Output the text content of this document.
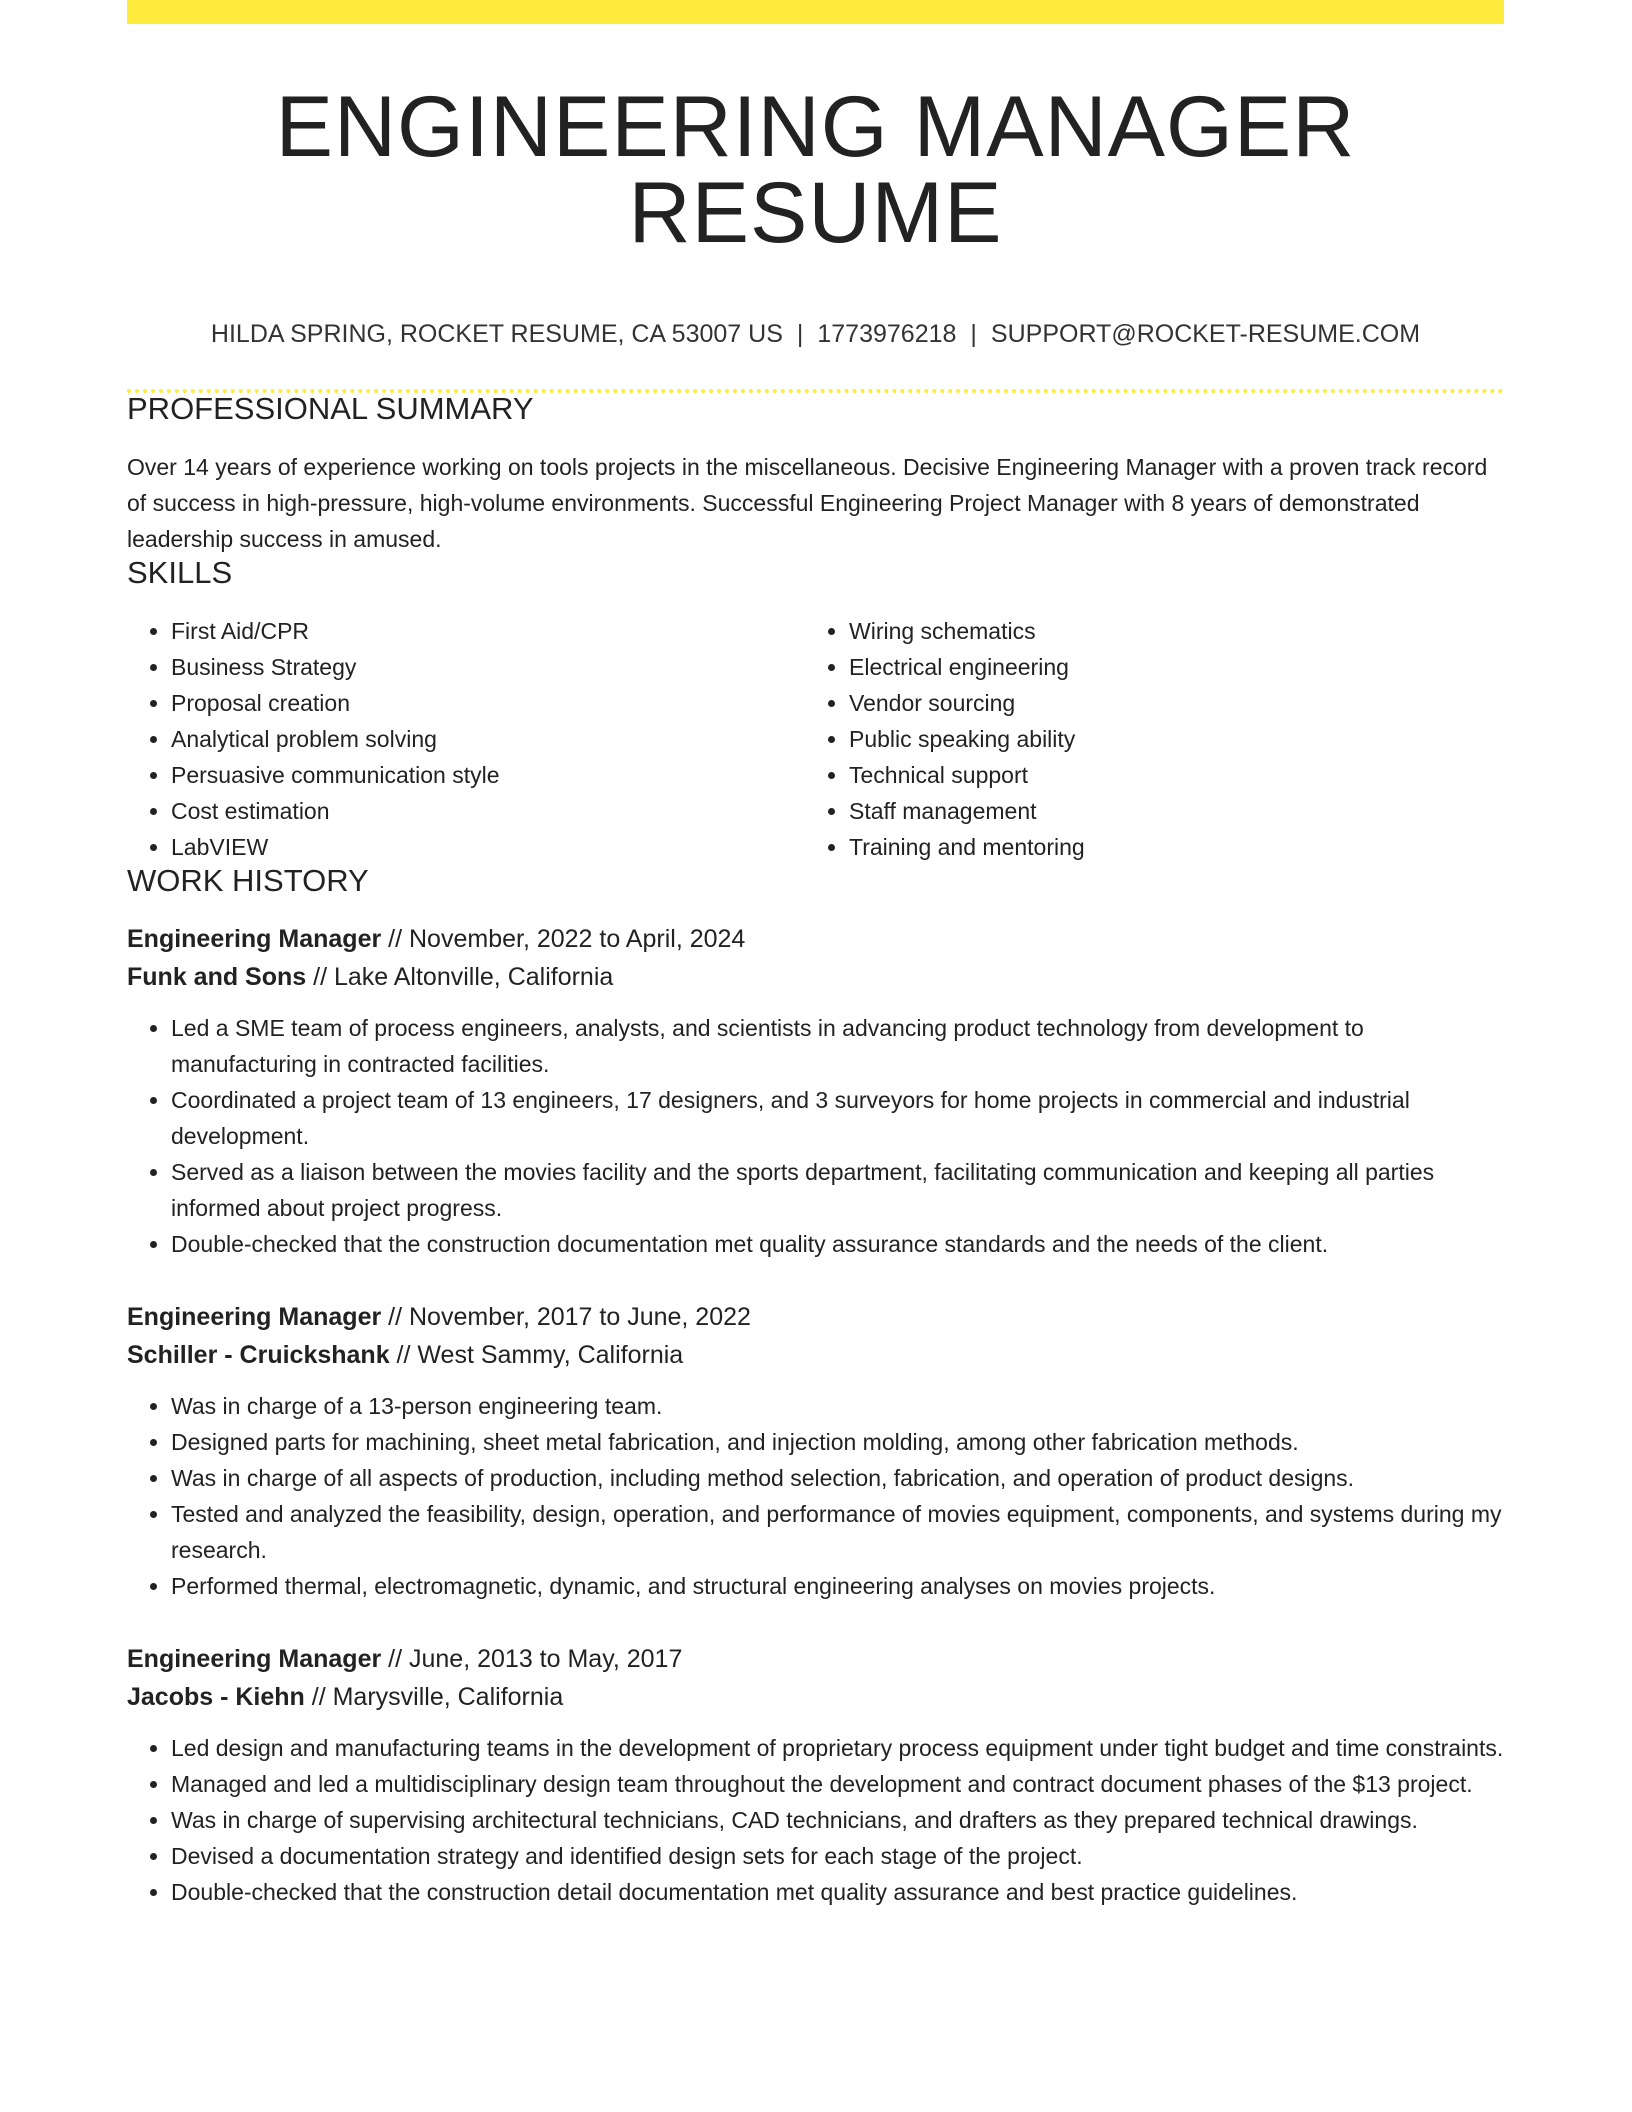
ENGINEERING MANAGER RESUME
HILDA SPRING, ROCKET RESUME, CA 53007 US | 1773976218 | SUPPORT@ROCKET-RESUME.COM
PROFESSIONAL SUMMARY

Over 14 years of experience working on tools projects in the miscellaneous. Decisive Engineering Manager with a proven track record of success in high-pressure, high-volume environments. Successful Engineering Project Manager with 8 years of demonstrated leadership success in amused.

SKILLS
• First Aid/CPR
• Business Strategy
• Proposal creation
• Analytical problem solving
• Persuasive communication style
• Cost estimation
• LabVIEW
• Wiring schematics
• Electrical engineering
• Vendor sourcing
• Public speaking ability
• Technical support
• Staff management
• Training and mentoring
WORK HISTORY
Engineering Manager // November, 2022 to April, 2024
Funk and Sons // Lake Altonville, California
• Led a SME team of process engineers, analysts, and scientists in advancing product technology from development to manufacturing in contracted facilities.
• Coordinated a project team of 13 engineers, 17 designers, and 3 surveyors for home projects in commercial and industrial development.
• Served as a liaison between the movies facility and the sports department, facilitating communication and keeping all parties informed about project progress.
• Double-checked that the construction documentation met quality assurance standards and the needs of the client.
Engineering Manager // November, 2017 to June, 2022
Schiller - Cruickshank // West Sammy, California
• Was in charge of a 13-person engineering team.
• Designed parts for machining, sheet metal fabrication, and injection molding, among other fabrication methods.
• Was in charge of all aspects of production, including method selection, fabrication, and operation of product designs.
• Tested and analyzed the feasibility, design, operation, and performance of movies equipment, components, and systems during my research.
• Performed thermal, electromagnetic, dynamic, and structural engineering analyses on movies projects.
Engineering Manager // June, 2013 to May, 2017
Jacobs - Kiehn // Marysville, California
• Led design and manufacturing teams in the development of proprietary process equipment under tight budget and time constraints.
• Managed and led a multidisciplinary design team throughout the development and contract document phases of the $13 project.
• Was in charge of supervising architectural technicians, CAD technicians, and drafters as they prepared technical drawings.
• Devised a documentation strategy and identified design sets for each stage of the project.
• Double-checked that the construction detail documentation met quality assurance and best practice guidelines.
